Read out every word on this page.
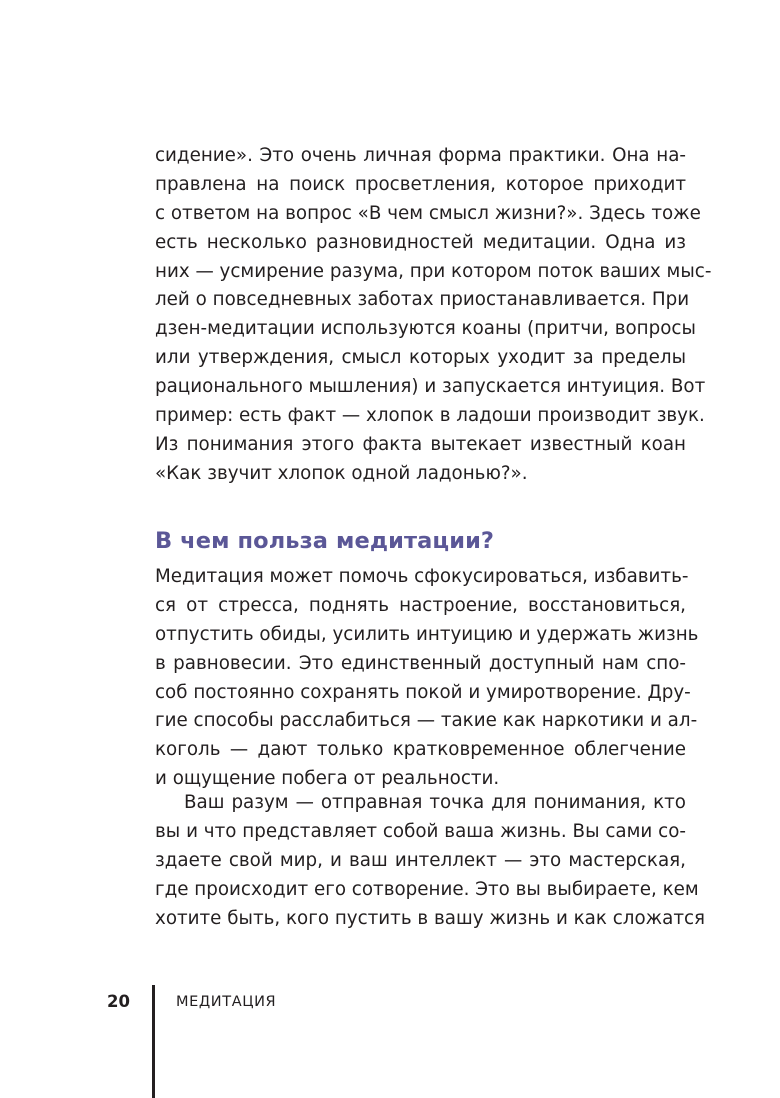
сидение». Это очень личная форма практики. Она на-
правлена на поиск просветления, которое приходит
с ответом на вопрос «В чем смысл жизни?». Здесь тоже
есть несколько разновидностей медитации. Одна из
них — усмирение разума, при котором поток ваших мыс-
лей о повседневных заботах приостанавливается. При
дзен-медитации используются коаны (притчи, вопросы
или утверждения, смысл которых уходит за пределы
рационального мышления) и запускается интуиция. Вот
пример: есть факт — хлопок в ладоши производит звук.
Из понимания этого факта вытекает известный коан
«Как звучит хлопок одной ладонью?».
В чем польза медитации?
Медитация может помочь сфокусироваться, избавить-
ся от стресса, поднять настроение, восстановиться,
отпустить обиды, усилить интуицию и удержать жизнь
в равновесии. Это единственный доступный нам спо-
соб постоянно сохранять покой и умиротворение. Дру-
гие способы расслабиться — такие как наркотики и ал-
коголь — дают только кратковременное облегчение
и ощущение побега от реальности.
Ваш разум — отправная точка для понимания, кто
вы и что представляет собой ваша жизнь. Вы сами со-
здаете свой мир, и ваш интеллект — это мастерская,
где происходит его сотворение. Это вы выбираете, кем
хотите быть, кого пустить в вашу жизнь и как сложатся
20	МЕДИТАЦИЯ
